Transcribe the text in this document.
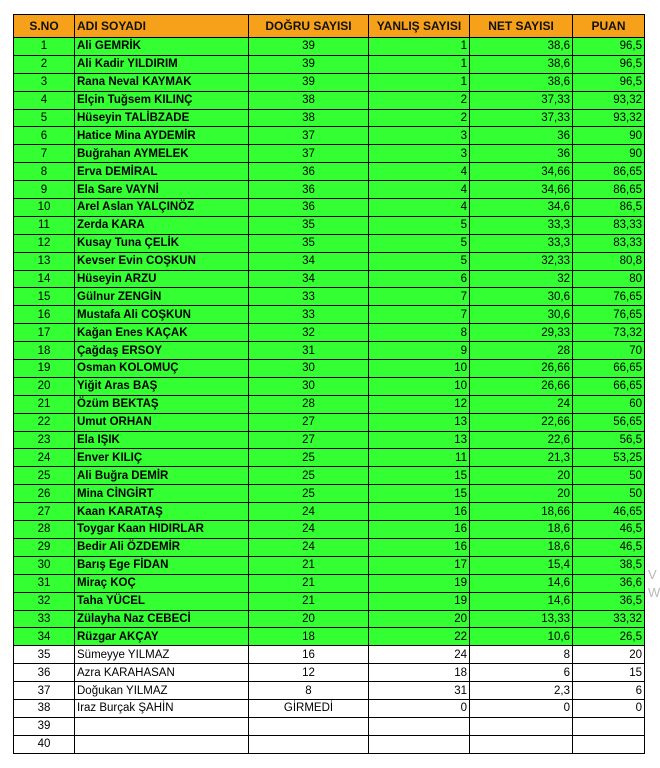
S.NO	ADI SOYADI	DOĞRU SAYISI	YANLIŞ SAYISI	NET SAYISI	PUAN
1	Ali GEMRİK	39	1	38,6	96,5
2	Ali Kadir YILDIRIM	39	1	38,6	96,5
3	Rana Neval KAYMAK	39	1	38,6	96,5
4	Elçin Tuğsem KILINÇ	38	2	37,33	93,32
5	Hüseyin TALİBZADE	38	2	37,33	93,32
6	Hatice Mina AYDEMİR	37	3	36	90
7	Buğrahan AYMELEK	37	3	36	90
8	Erva DEMİRAL	36	4	34,66	86,65
9	Ela Sare VAYNİ	36	4	34,66	86,65
10	Arel Aslan YALÇINÖZ	36	4	34,6	86,5
11	Zerda KARA	35	5	33,3	83,33
12	Kusay Tuna ÇELİK	35	5	33,3	83,33
13	Kevser Evin COŞKUN	34	5	32,33	80,8
14	Hüseyin ARZU	34	6	32	80
15	Gülnur ZENGİN	33	7	30,6	76,65
16	Mustafa Ali COŞKUN	33	7	30,6	76,65
17	Kağan Enes KAÇAK	32	8	29,33	73,32
18	Çağdaş ERSOY	31	9	28	70
19	Osman KOLOMUÇ	30	10	26,66	66,65
20	Yiğit Aras BAŞ	30	10	26,66	66,65
21	Özüm BEKTAŞ	28	12	24	60
22	Umut ORHAN	27	13	22,66	56,65
23	Ela IŞIK	27	13	22,6	56,5
24	Enver KILIÇ	25	11	21,3	53,25
25	Ali Buğra DEMİR	25	15	20	50
26	Mina CİNGİRT	25	15	20	50
27	Kaan KARATAŞ	24	16	18,66	46,65
28	Toygar Kaan HIDIRLAR	24	16	18,6	46,5
29	Bedir Ali ÖZDEMİR	24	16	18,6	46,5
30	Barış Ege FİDAN	21	17	15,4	38,5
31	Miraç KOÇ	21	19	14,6	36,6
32	Taha YÜCEL	21	19	14,6	36,5
33	Zülayha Naz CEBECİ	20	20	13,33	33,32
34	Rüzgar AKÇAY	18	22	10,6	26,5
35	Sümeyye YILMAZ	16	24	8	20
36	Azra KARAHASAN	12	18	6	15
37	Doğukan YILMAZ	8	31	2,3	6
38	Iraz Burçak ŞAHİN	GİRMEDİ	0	0	0
39					
40					
V
W
